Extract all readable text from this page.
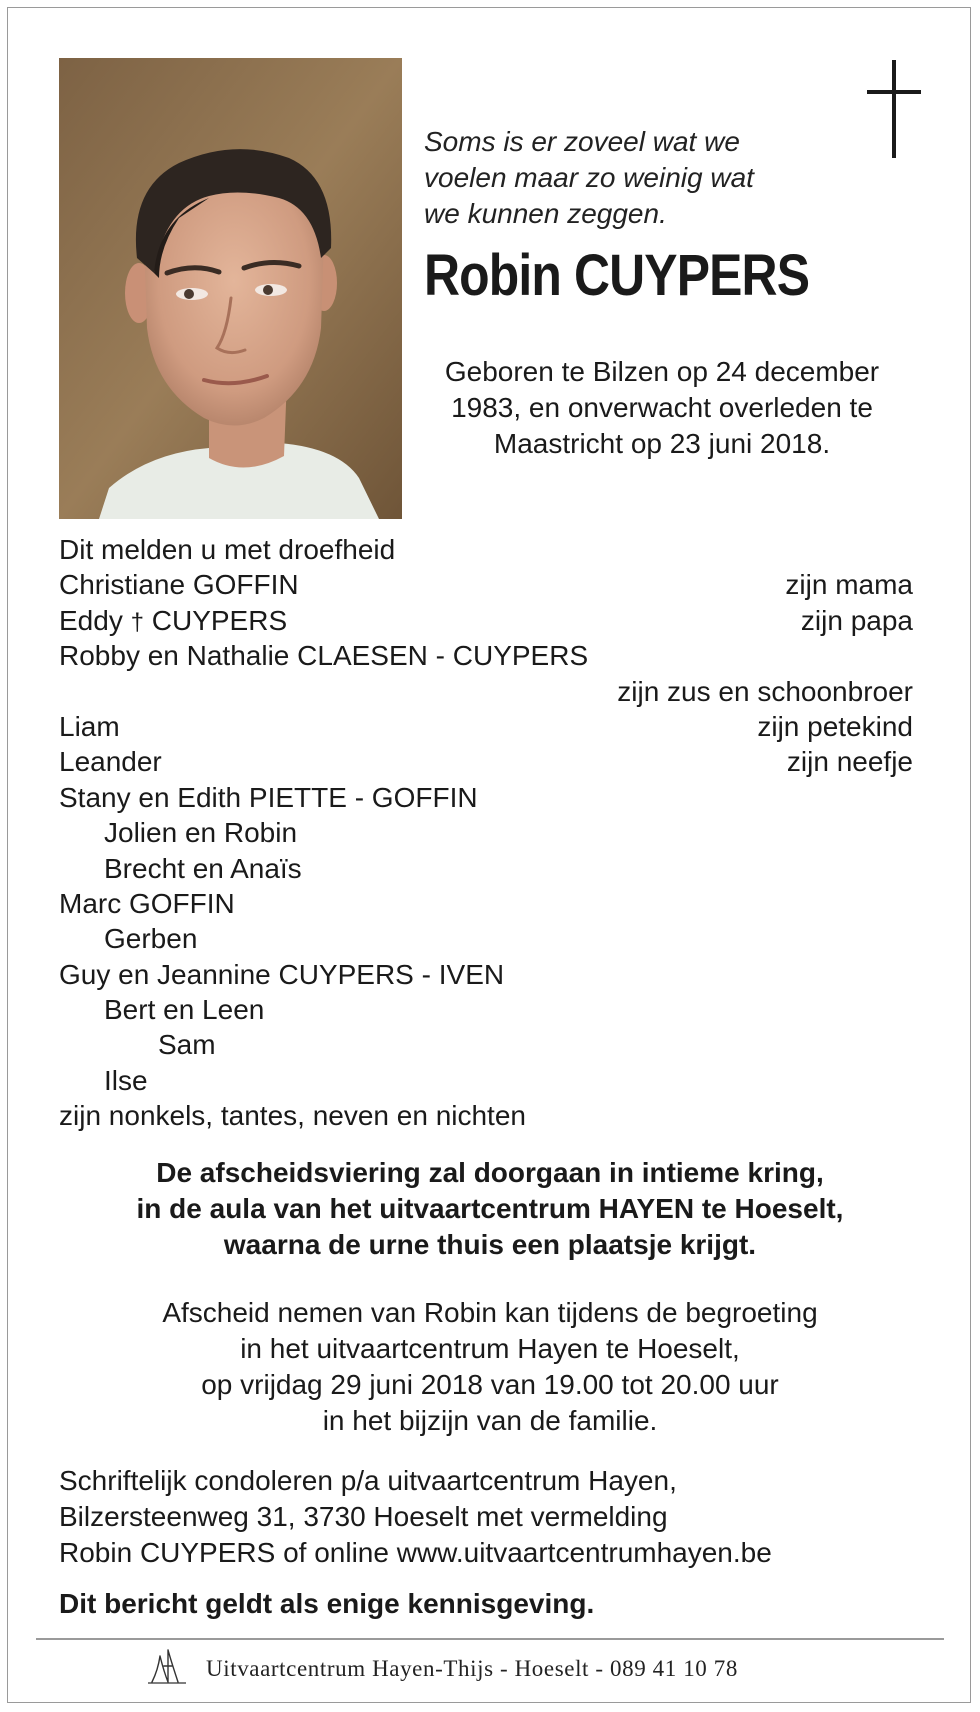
Soms is er zoveel wat we
voelen maar zo weinig wat
we kunnen zeggen.
Robin CUYPERS
Geboren te Bilzen op 24 december
1983, en onverwacht overleden te
Maastricht op 23 juni 2018.
Dit melden u met droefheid
Christiane GOFFIN	zijn mama
Eddy † CUYPERS	zijn papa
Robby en Nathalie CLAESEN - CUYPERS
zijn zus en schoonbroer
Liam	zijn petekind
Leander	zijn neefje
Stany en Edith PIETTE - GOFFIN
Jolien en Robin
Brecht en Anaïs
Marc GOFFIN
Gerben
Guy en Jeannine CUYPERS - IVEN
Bert en Leen
Sam
Ilse
zijn nonkels, tantes, neven en nichten
De afscheidsviering zal doorgaan in intieme kring,
in de aula van het uitvaartcentrum HAYEN te Hoeselt,
waarna de urne thuis een plaatsje krijgt.
Afscheid nemen van Robin kan tijdens de begroeting
in het uitvaartcentrum Hayen te Hoeselt,
op vrijdag 29 juni 2018 van 19.00 tot 20.00 uur
in het bijzijn van de familie.
Schriftelijk condoleren p/a uitvaartcentrum Hayen,
Bilzersteenweg 31, 3730 Hoeselt met vermelding
Robin CUYPERS of online www.uitvaartcentrumhayen.be
Dit bericht geldt als enige kennisgeving.
Uitvaartcentrum Hayen-Thijs - Hoeselt - 089 41 10 78
